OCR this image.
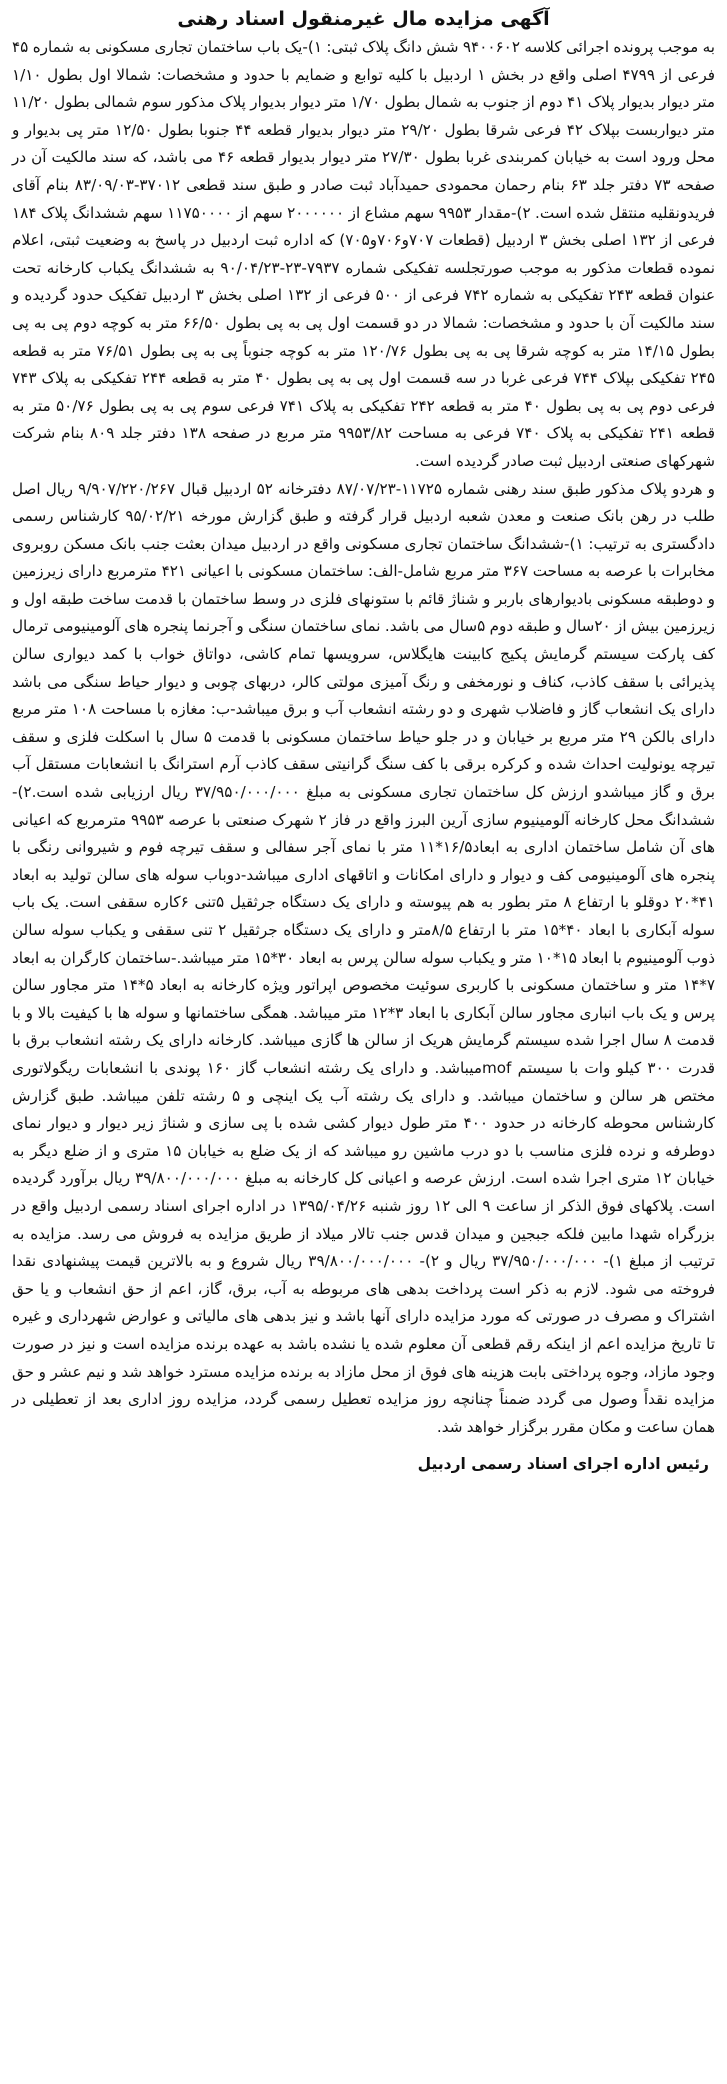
آگهی مزایده مال غیرمنقول اسناد رهنی

به موجب پرونده اجرائی کلاسه ۹۴۰۰۶۰۲ شش دانگ پلاک ثبتی: ۱)-یک باب ساختمان تجاری مسکونی به شماره ۴۵ فرعی از ۴۷۹۹ اصلی واقع در بخش ۱ اردبیل با کلیه توابع و ضمایم با حدود و مشخصات: شمالا اول بطول ۱/۱۰ متر دیوار بدیوار پلاک ۴۱ دوم از جنوب به شمال بطول ۱/۷۰ متر دیوار بدیوار پلاک مذکور سوم شمالی بطول ۱۱/۲۰ متر دیواربست بپلاک ۴۲ فرعی شرقا بطول ۲۹/۲۰ متر دیوار بدیوار قطعه ۴۴ جنوبا بطول ۱۲/۵۰ متر پی بدیوار و محل ورود است به خیابان کمربندی غربا بطول ۲۷/۳۰ متر دیوار بدیوار قطعه ۴۶ می باشد، که سند مالکیت آن در صفحه ۷۳ دفتر جلد ۶۳ بنام رحمان محمودی حمیدآباد ثبت صادر و طبق سند قطعی ۳۷۰۱۲-۸۳/۰۹/۰۳ بنام آقای فریدونقلیه منتقل شده است. ۲)-مقدار ۹۹۵۳ سهم مشاع از ۲۰۰۰۰۰۰ سهم از ۱۱۷۵۰۰۰۰ سهم ششدانگ پلاک ۱۸۴ فرعی از ۱۳۲ اصلی بخش ۳ اردبیل (قطعات ۷۰۷و۷۰۶و۷۰۵) که اداره ثبت اردبیل در پاسخ به وضعیت ثبتی، اعلام نموده قطعات مذکور به موجب صورتجلسه تفکیکی شماره ۷۹۳۷-۲۳-۹۰/۰۴/۲۳ به ششدانگ یکباب کارخانه تحت عنوان قطعه ۲۴۳ تفکیکی به شماره ۷۴۲ فرعی از ۵۰۰ فرعی از ۱۳۲ اصلی بخش ۳ اردبیل تفکیک حدود گردیده و سند مالکیت آن با حدود و مشخصات: شمالا در دو قسمت اول پی به پی بطول ۶۶/۵۰ متر به کوچه دوم پی به پی بطول ۱۴/۱۵ متر به کوچه شرقا پی به پی بطول ۱۲۰/۷۶ متر به کوچه جنوباً پی به پی بطول ۷۶/۵۱ متر به قطعه ۲۴۵ تفکیکی بپلاک ۷۴۴ فرعی غربا در سه قسمت اول پی به پی بطول ۴۰ متر به قطعه ۲۴۴ تفکیکی به پلاک ۷۴۳ فرعی دوم پی به پی بطول ۴۰ متر به قطعه ۲۴۲ تفکیکی به پلاک ۷۴۱ فرعی سوم پی به پی بطول ۵۰/۷۶ متر به قطعه ۲۴۱ تفکیکی به پلاک ۷۴۰ فرعی به مساحت ۹۹۵۳/۸۲ متر مربع در صفحه ۱۳۸ دفتر جلد ۸۰۹ بنام شرکت شهرکهای صنعتی اردبیل ثبت صادر گردیده است.

و هردو پلاک مذکور طبق سند رهنی شماره ۱۱۷۲۵-۸۷/۰۷/۲۳ دفترخانه ۵۲ اردبیل قبال ۹/۹۰۷/۲۲۰/۲۶۷ ریال اصل طلب در رهن بانک صنعت و معدن شعبه اردبیل قرار گرفته و طبق گزارش مورخه ۹۵/۰۲/۲۱ کارشناس رسمی دادگستری به ترتیب: ۱)-ششدانگ ساختمان تجاری مسکونی واقع در اردبیل میدان بعثت جنب بانک مسکن روبروی مخابرات با عرصه به مساحت ۳۶۷ متر مربع شامل-الف: ساختمان مسکونی با اعیانی ۴۲۱ مترمربع دارای زیرزمین و دوطبقه مسکونی بادیوارهای باربر و شناژ قائم با ستونهای فلزی در وسط ساختمان با قدمت ساخت طبقه اول و زیرزمین بیش از ۲۰سال و طبقه دوم ۵سال می باشد. نمای ساختمان سنگی و آجرنما پنجره های آلومینیومی ترمال کف پارکت سیستم گرمایش پکیج کابینت هایگلاس، سرویسها تمام کاشی، دواتاق خواب با کمد دیواری سالن پذیرائی با سقف کاذب، کناف و نورمخفی و رنگ آمیزی مولتی کالر، دربهای چوبی و دیوار حیاط سنگی می باشد دارای یک انشعاب گاز و فاضلاب شهری و دو رشته انشعاب آب و برق میباشد-ب: مغازه با مساحت ۱۰۸ متر مربع دارای بالکن ۲۹ متر مربع بر خیابان و در جلو حیاط ساختمان مسکونی با قدمت ۵ سال با اسکلت فلزی و سقف تیرچه یونولیت احداث شده و کرکره برقی با کف سنگ گرانیتی سقف کاذب آرم استرانگ با انشعابات مستقل آب برق و گاز میباشدو ارزش کل ساختمان تجاری مسکونی به مبلغ ۳۷/۹۵۰/۰۰۰/۰۰۰ ریال ارزیابی شده است.۲)-ششدانگ محل کارخانه آلومینیوم سازی آرین البرز واقع در فاز ۲ شهرک صنعتی با عرصه ۹۹۵۳ مترمربع که اعیانی های آن شامل ساختمان اداری به ابعاد۱۶/۵*۱۱ متر با نمای آجر سفالی و سقف تیرچه فوم و شیروانی رنگی با پنجره های آلومینیومی کف و دیوار و دارای امکانات و اتاقهای اداری میباشد-دوباب سوله های سالن تولید به ابعاد ۴۱*۲۰ دوقلو با ارتفاع ۸ متر بطور به هم پیوسته و دارای یک دستگاه جرثقیل ۵تنی ۶کاره سقفی است. یک باب سوله آبکاری با ابعاد ۴۰*۱۵ متر با ارتفاع ۸/۵متر و دارای یک دستگاه جرثقیل ۲ تنی سقفی و یکباب سوله سالن ذوب آلومینیوم با ابعاد ۱۵*۱۰ متر و یکباب سوله سالن پرس به ابعاد ۳۰*۱۵ متر میباشد.-ساختمان کارگران به ابعاد ۷*۱۴ متر و ساختمان مسکونی با کاربری سوئیت مخصوص اپراتور ویژه کارخانه به ابعاد ۵*۱۴ متر مجاور سالن پرس و یک باب انباری مجاور سالن آبکاری با ابعاد ۳*۱۲ متر میباشد. همگی ساختمانها و سوله ها با کیفیت بالا و با قدمت ۸ سال اجرا شده سیستم گرمایش هریک از سالن ها گازی میباشد. کارخانه دارای یک رشته انشعاب برق با قدرت ۳۰۰ کیلو وات با سیستم mofمیباشد. و دارای یک رشته انشعاب گاز ۱۶۰ پوندی با انشعابات ریگولاتوری مختص هر سالن و ساختمان میباشد. و دارای یک رشته آب یک اینچی و ۵ رشته تلفن میباشد. طبق گزارش کارشناس محوطه کارخانه در حدود ۴۰۰ متر طول دیوار کشی شده با پی سازی و شناژ زیر دیوار و دیوار نمای دوطرفه و نرده فلزی مناسب با دو درب ماشین رو میباشد که از یک ضلع به خیابان ۱۵ متری و از ضلع دیگر به خیابان ۱۲ متری اجرا شده است. ارزش عرصه و اعیانی کل کارخانه به مبلغ ۳۹/۸۰۰/۰۰۰/۰۰۰ ریال برآورد گردیده است. پلاکهای فوق الذکر از ساعت ۹ الی ۱۲ روز شنبه ۱۳۹۵/۰۴/۲۶ در اداره اجرای اسناد رسمی اردبیل واقع در بزرگراه شهدا مابین فلکه جبجین و میدان قدس جنب تالار میلاد از طریق مزایده به فروش می رسد. مزایده به ترتیب از مبلغ ۱)- ۳۷/۹۵۰/۰۰۰/۰۰۰ ریال و ۲)- ۳۹/۸۰۰/۰۰۰/۰۰۰ ریال شروع و به بالاترین قیمت پیشنهادی نقدا فروخته می شود. لازم به ذکر است پرداخت بدهی های مربوطه به آب، برق، گاز، اعم از حق انشعاب و یا حق اشتراک و مصرف در صورتی که مورد مزایده دارای آنها باشد و نیز بدهی های مالیاتی و عوارض شهرداری و غیره تا تاریخ مزایده اعم از اینکه رقم قطعی آن معلوم شده یا نشده باشد به عهده برنده مزایده است و نیز در صورت وجود مازاد، وجوه پرداختی بابت هزینه های فوق از محل مازاد به برنده مزایده مسترد خواهد شد و نیم عشر و حق مزایده نقداً وصول می گردد ضمناً چنانچه روز مزایده تعطیل رسمی گردد، مزایده روز اداری بعد از تعطیلی در همان ساعت و مکان مقرر برگزار خواهد شد.

رئیس اداره اجرای اسناد رسمی اردبیل
